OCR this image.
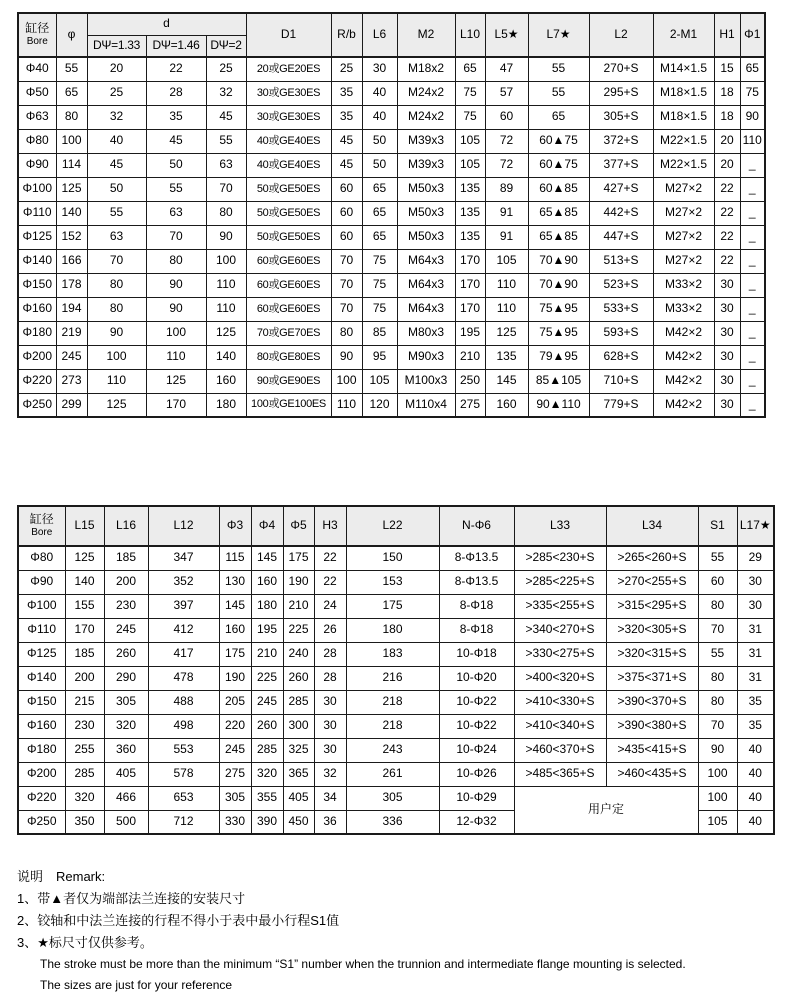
缸径
Bore	φ	d			D1	R/b	L6	M2	L10	L5★	L7★	L2	2-M1	H1	Φ1
		DΨ=1.33	DΨ=1.46	DΨ=2											
Φ40	55	20	22	25	20或GE20ES	25	30	M18x2	65	47	55	270+S	M14×1.5	15	65
Φ50	65	25	28	32	30或GE30ES	35	40	M24x2	75	57	55	295+S	M18×1.5	18	75
Φ63	80	32	35	45	30或GE30ES	35	40	M24x2	75	60	65	305+S	M18×1.5	18	90
Φ80	100	40	45	55	40或GE40ES	45	50	M39x3	105	72	60▲75	372+S	M22×1.5	20	110
Φ90	114	45	50	63	40或GE40ES	45	50	M39x3	105	72	60▲75	377+S	M22×1.5	20	_
Φ100	125	50	55	70	50或GE50ES	60	65	M50x3	135	89	60▲85	427+S	M27×2	22	_
Φ110	140	55	63	80	50或GE50ES	60	65	M50x3	135	91	65▲85	442+S	M27×2	22	_
Φ125	152	63	70	90	50或GE50ES	60	65	M50x3	135	91	65▲85	447+S	M27×2	22	_
Φ140	166	70	80	100	60或GE60ES	70	75	M64x3	170	105	70▲90	513+S	M27×2	22	_
Φ150	178	80	90	110	60或GE60ES	70	75	M64x3	170	110	70▲90	523+S	M33×2	30	_
Φ160	194	80	90	110	60或GE60ES	70	75	M64x3	170	110	75▲95	533+S	M33×2	30	_
Φ180	219	90	100	125	70或GE70ES	80	85	M80x3	195	125	75▲95	593+S	M42×2	30	_
Φ200	245	100	110	140	80或GE80ES	90	95	M90x3	210	135	79▲95	628+S	M42×2	30	_
Φ220	273	110	125	160	90或GE90ES	100	105	M100x3	250	145	85▲105	710+S	M42×2	30	_
Φ250	299	125	170	180	100或GE100ES	110	120	M110x4	275	160	90▲110	779+S	M42×2	30	_
缸径
Bore	L15	L16	L12	Φ3	Φ4	Φ5	H3	L22	N-Φ6	L33	L34	S1	L17★
Φ80	125	185	347	115	145	175	22	150	8-Φ13.5	>285<230+S	>265<260+S	55	29
Φ90	140	200	352	130	160	190	22	153	8-Φ13.5	>285<225+S	>270<255+S	60	30
Φ100	155	230	397	145	180	210	24	175	8-Φ18	>335<255+S	>315<295+S	80	30
Φ110	170	245	412	160	195	225	26	180	8-Φ18	>340<270+S	>320<305+S	70	31
Φ125	185	260	417	175	210	240	28	183	10-Φ18	>330<275+S	>320<315+S	55	31
Φ140	200	290	478	190	225	260	28	216	10-Φ20	>400<320+S	>375<371+S	80	31
Φ150	215	305	488	205	245	285	30	218	10-Φ22	>410<330+S	>390<370+S	80	35
Φ160	230	320	498	220	260	300	30	218	10-Φ22	>410<340+S	>390<380+S	70	35
Φ180	255	360	553	245	285	325	30	243	10-Φ24	>460<370+S	>435<415+S	90	40
Φ200	285	405	578	275	320	365	32	261	10-Φ26	>485<365+S	>460<435+S	100	40
Φ220	320	466	653	305	355	405	34	305	10-Φ29	用户定		100	40
Φ250	350	500	712	330	390	450	36	336	12-Φ32			105	40
说明　Remark:
1、带▲者仅为端部法兰连接的安装尺寸
2、铰轴和中法兰连接的行程不得小于表中最小行程S1值
3、★标尺寸仅供参考。
The stroke must be more than the minimum “S1” number when the trunnion and intermediate flange mounting is selected.
The sizes are just for your reference
